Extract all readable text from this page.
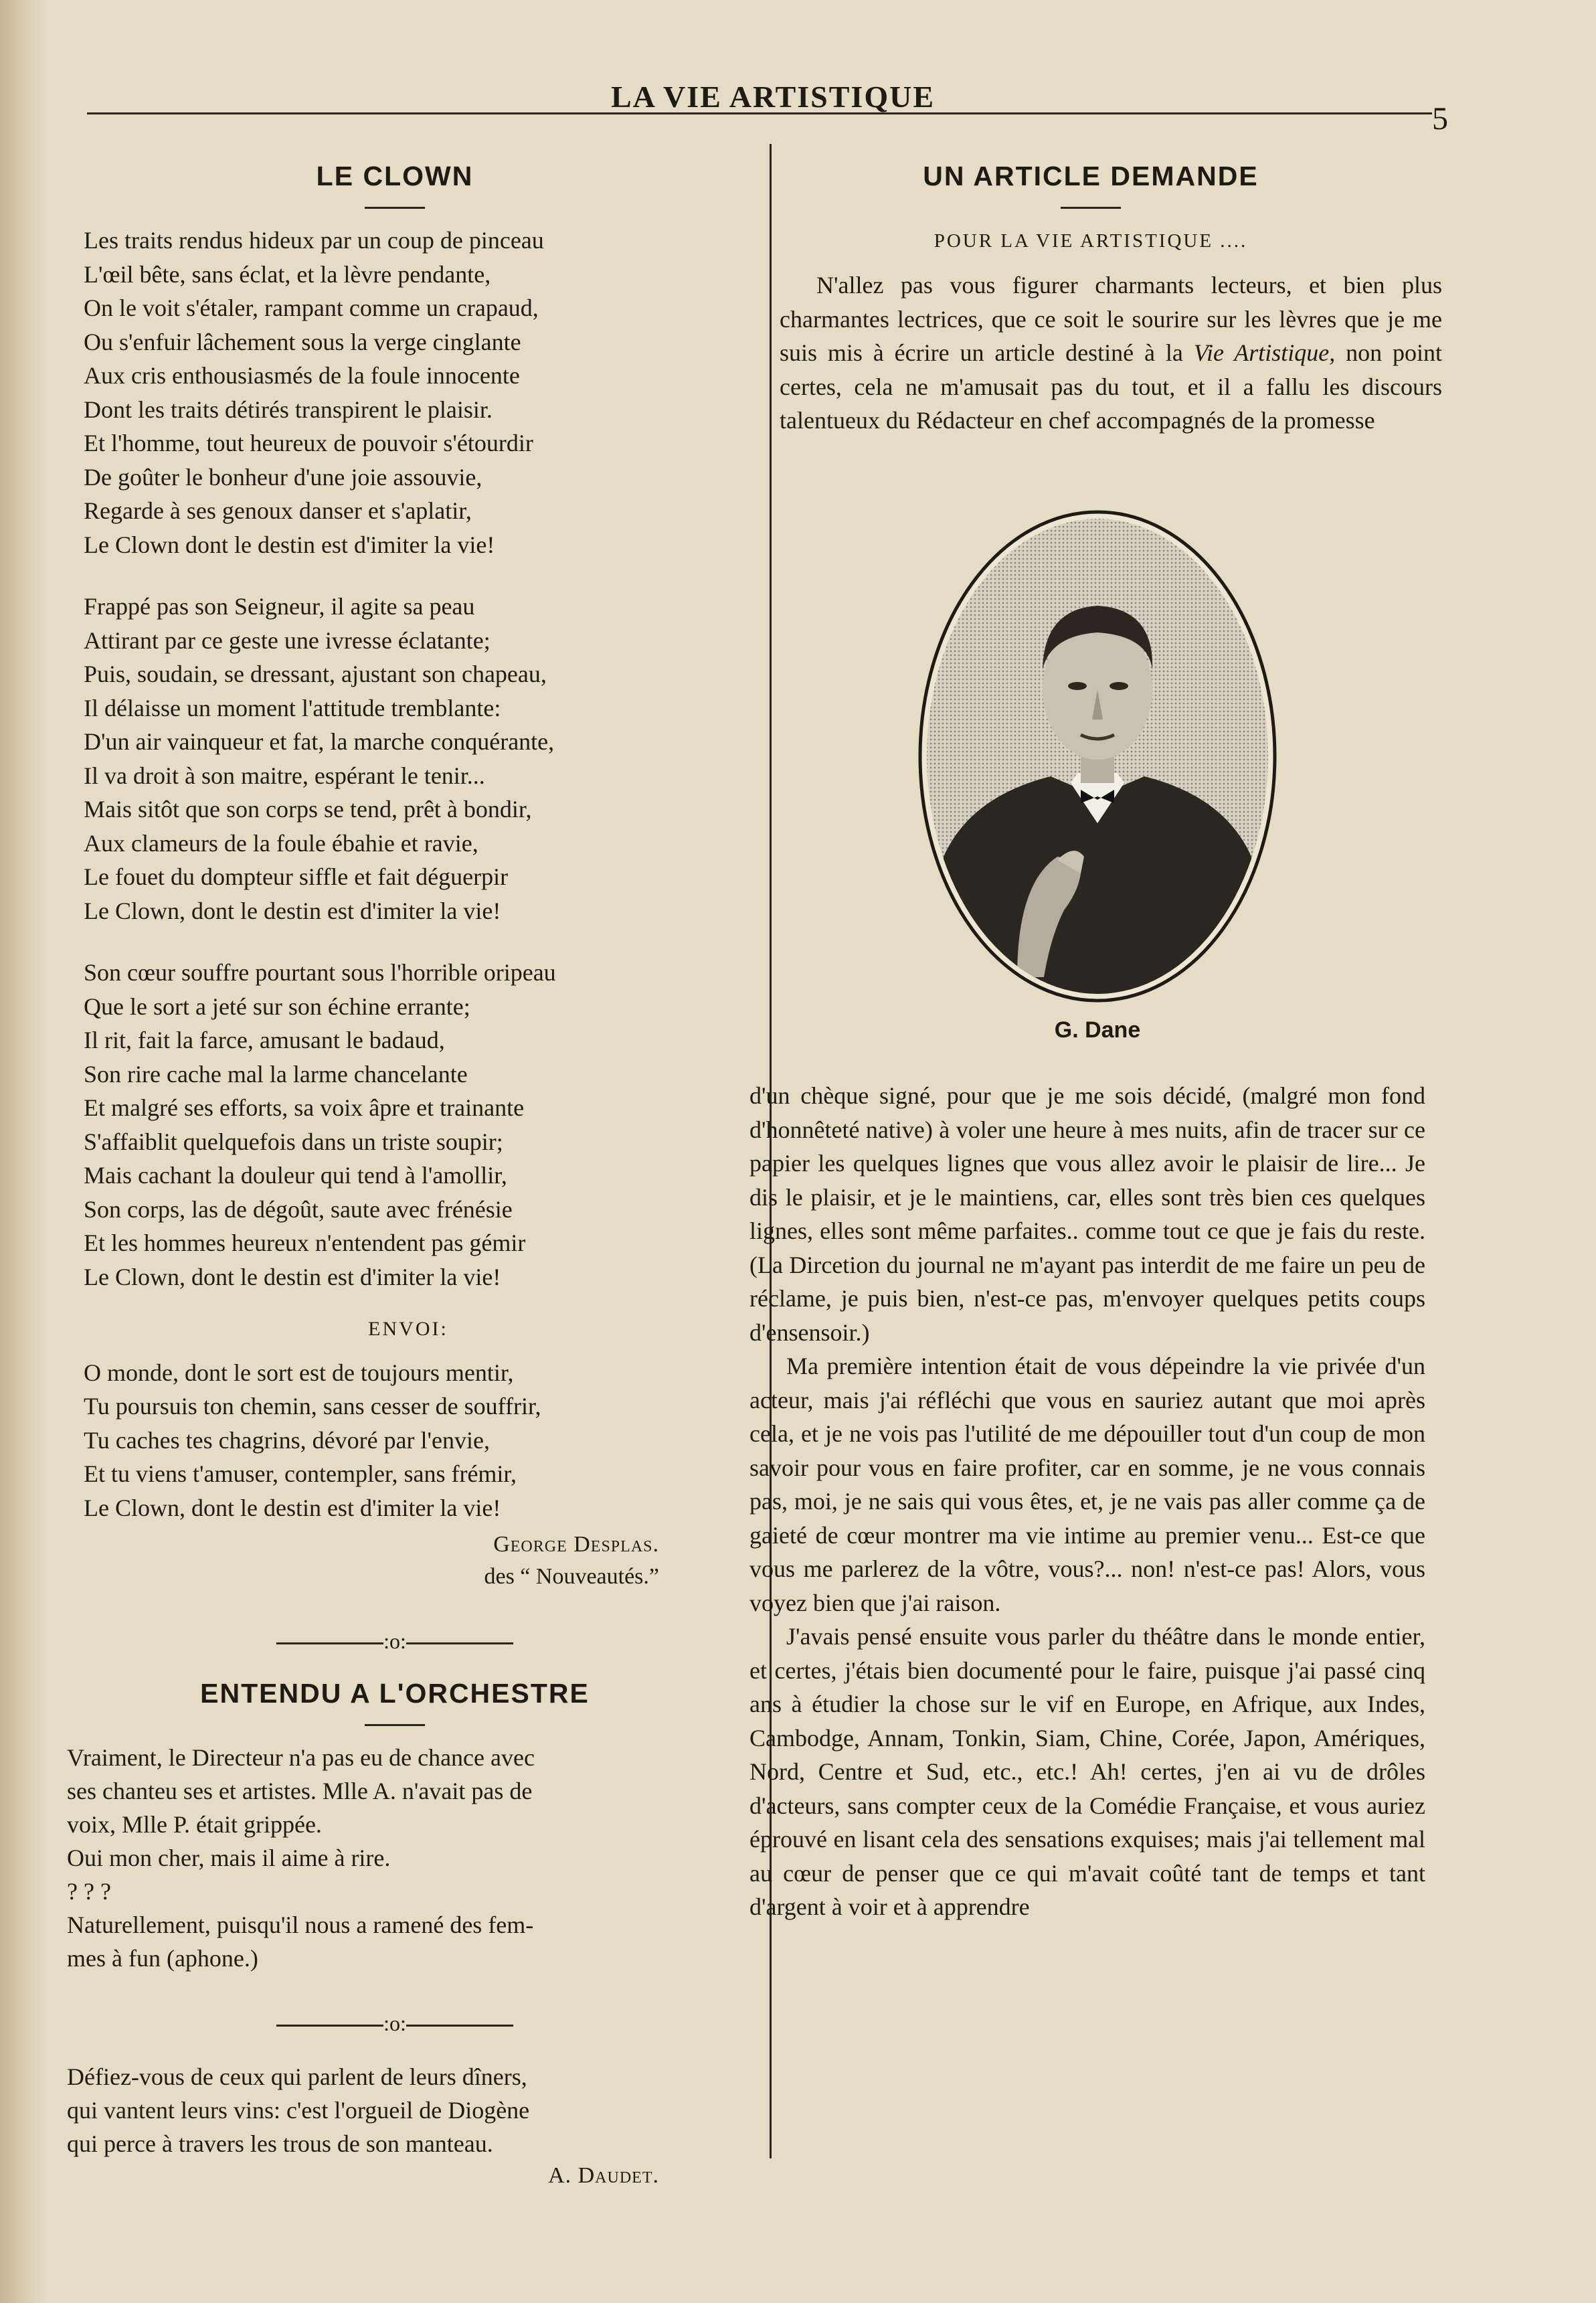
LA VIE ARTISTIQUE
5
LE CLOWN
Les traits rendus hideux par un coup de pinceau
L'œil bête, sans éclat, et la lèvre pendante,
On le voit s'étaler, rampant comme un crapaud,
Ou s'enfuir lâchement sous la verge cinglante
Aux cris enthousiasmés de la foule innocente
Dont les traits détirés transpirent le plaisir.
Et l'homme, tout heureux de pouvoir s'étourdir
De goûter le bonheur d'une joie assouvie,
Regarde à ses genoux danser et s'aplatir,
Le Clown dont le destin est d'imiter la vie!
Frappé pas son Seigneur, il agite sa peau
Attirant par ce geste une ivresse éclatante;
Puis, soudain, se dressant, ajustant son chapeau,
Il délaisse un moment l'attitude tremblante:
D'un air vainqueur et fat, la marche conquérante,
Il va droit à son maitre, espérant le tenir...
Mais sitôt que son corps se tend, prêt à bondir,
Aux clameurs de la foule ébahie et ravie,
Le fouet du dompteur siffle et fait déguerpir
Le Clown, dont le destin est d'imiter la vie!
Son cœur souffre pourtant sous l'horrible oripeau
Que le sort a jeté sur son échine errante;
Il rit, fait la farce, amusant le badaud,
Son rire cache mal la larme chancelante
Et malgré ses efforts, sa voix âpre et trainante
S'affaiblit quelquefois dans un triste soupir;
Mais cachant la douleur qui tend à l'amollir,
Son corps, las de dégoût, saute avec frénésie
Et les hommes heureux n'entendent pas gémir
Le Clown, dont le destin est d'imiter la vie!
ENVOI:
O monde, dont le sort est de toujours mentir,
Tu poursuis ton chemin, sans cesser de souffrir,
Tu caches tes chagrins, dévoré par l'envie,
Et tu viens t'amuser, contempler, sans frémir,
Le Clown, dont le destin est d'imiter la vie!
George Desplas.
des “ Nouveautés.”
:o:
ENTENDU A L'ORCHESTRE
Vraiment, le Directeur n'a pas eu de chance avec
ses chanteu ses et artistes. Mlle A. n'avait pas de
voix, Mlle P. était grippée.
Oui mon cher, mais il aime à rire.
? ? ?
Naturellement, puisqu'il nous a ramené des fem-
mes à fun (aphone.)
:o:
Défiez-vous de ceux qui parlent de leurs dîners,
qui vantent leurs vins: c'est l'orgueil de Diogène
qui perce à travers les trous de son manteau.
A. Daudet.
UN ARTICLE DEMANDE
POUR LA VIE ARTISTIQUE ....

N'allez pas vous figurer charmants lecteurs, et bien plus charmantes lectrices, que ce soit le sourire sur les lèvres que je me suis mis à écrire un article destiné à la Vie Artistique, non point certes, cela ne m'amusait pas du tout, et il a fallu les discours talentueux du Rédacteur en chef accompagnés de la promesse

G. Dane

d'un chèque signé, pour que je me sois décidé, (malgré mon fond d'honnêteté native) à voler une heure à mes nuits, afin de tracer sur ce papier les quelques lignes que vous allez avoir le plaisir de lire... Je dis le plaisir, et je le maintiens, car, elles sont très bien ces quelques lignes, elles sont même parfaites.. comme tout ce que je fais du reste. (La Dircetion du journal ne m'ayant pas interdit de me faire un peu de réclame, je puis bien, n'est-ce pas, m'envoyer quelques petits coups d'ensensoir.)

Ma première intention était de vous dépeindre la vie privée d'un acteur, mais j'ai réfléchi que vous en sauriez autant que moi après cela, et je ne vois pas l'utilité de me dépouiller tout d'un coup de mon savoir pour vous en faire profiter, car en somme, je ne vous connais pas, moi, je ne sais qui vous êtes, et, je ne vais pas aller comme ça de gaieté de cœur montrer ma vie intime au premier venu... Est-ce que vous me parlerez de la vôtre, vous?... non! n'est-ce pas! Alors, vous voyez bien que j'ai raison.

J'avais pensé ensuite vous parler du théâtre dans le monde entier, et certes, j'étais bien documenté pour le faire, puisque j'ai passé cinq ans à étudier la chose sur le vif en Europe, en Afrique, aux Indes, Cambodge, Annam, Tonkin, Siam, Chine, Corée, Japon, Amériques, Nord, Centre et Sud, etc., etc.! Ah! certes, j'en ai vu de drôles d'acteurs, sans compter ceux de la Comédie Française, et vous auriez éprouvé en lisant cela des sensations exquises; mais j'ai tellement mal au cœur de penser que ce qui m'avait coûté tant de temps et tant d'argent à voir et à apprendre
